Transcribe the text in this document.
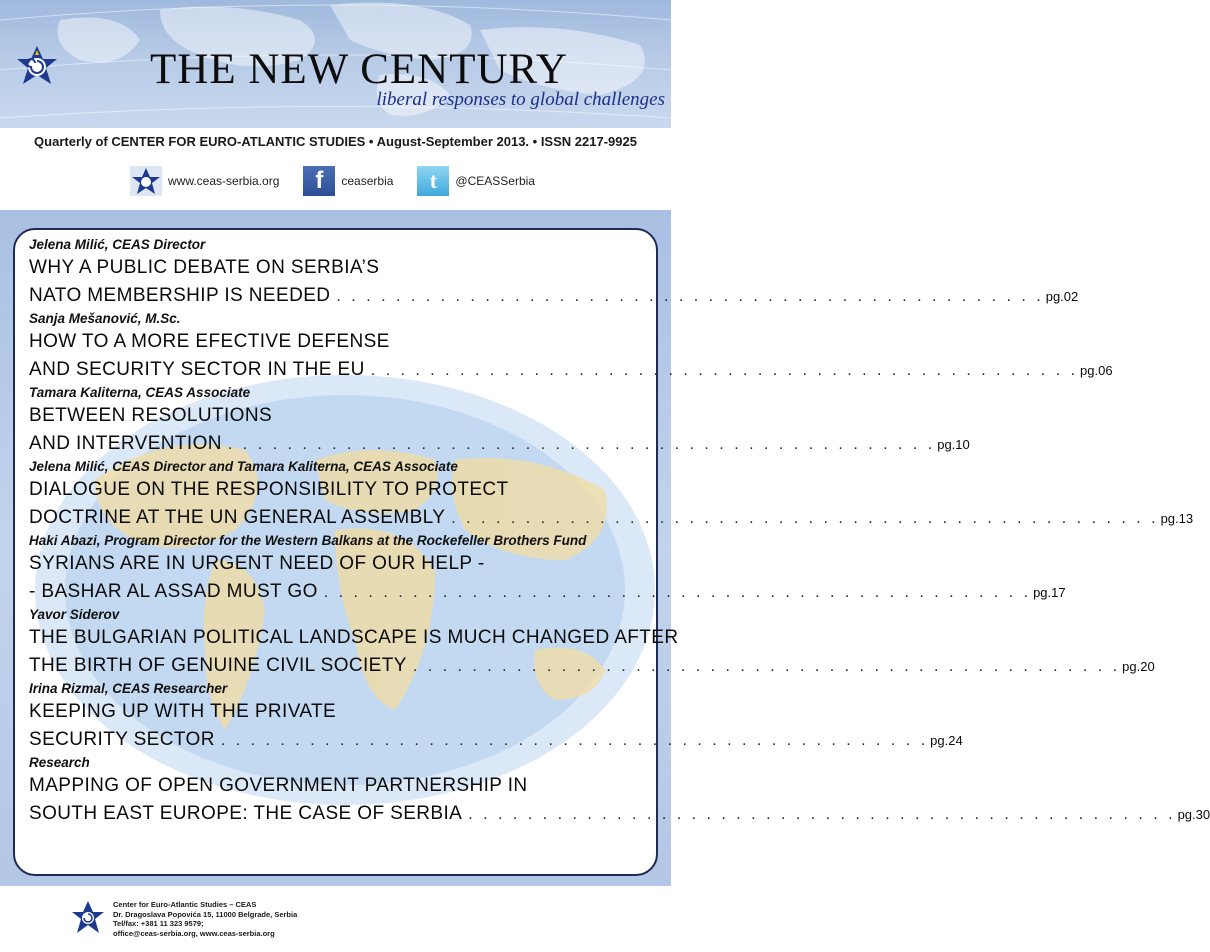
THE NEW CENTURY
liberal responses to global challenges
Quarterly of CENTER FOR EURO-ATLANTIC STUDIES • August-September 2013. • ISSN 2217-9925
www.ceas-serbia.org	f	ceaserbia	t	@CEASSerbia
Jelena Milić, CEAS Director
WHY A PUBLIC DEBATE ON SERBIA’S
NATO MEMBERSHIP IS NEEDED . . . . . . . . . . . . . . . . . . . . . . . . . . . . . . . . . . . . . . . . . . . . . . . . pg.02
Sanja Mešanović, M.Sc.
HOW TO A MORE EFECTIVE DEFENSE
AND SECURITY SECTOR IN THE EU . . . . . . . . . . . . . . . . . . . . . . . . . . . . . . . . . . . . . . . . . . . . . . . . pg.06
Tamara Kaliterna, CEAS Associate
BETWEEN RESOLUTIONS
AND INTERVENTION . . . . . . . . . . . . . . . . . . . . . . . . . . . . . . . . . . . . . . . . . . . . . . . . pg.10
Jelena Milić, CEAS Director and Tamara Kaliterna, CEAS Associate
DIALOGUE ON THE RESPONSIBILITY TO PROTECT
DOCTRINE AT THE UN GENERAL ASSEMBLY . . . . . . . . . . . . . . . . . . . . . . . . . . . . . . . . . . . . . . . . . . . . . . . . pg.13
Haki Abazi, Program Director for the Western Balkans at the Rockefeller Brothers Fund
SYRIANS ARE IN URGENT NEED OF OUR HELP -
- BASHAR AL ASSAD MUST GO . . . . . . . . . . . . . . . . . . . . . . . . . . . . . . . . . . . . . . . . . . . . . . . . pg.17
Yavor Siderov
THE BULGARIAN POLITICAL LANDSCAPE IS MUCH CHANGED AFTER
THE BIRTH OF GENUINE CIVIL SOCIETY . . . . . . . . . . . . . . . . . . . . . . . . . . . . . . . . . . . . . . . . . . . . . . . . pg.20
Irina Rizmal, CEAS Researcher
KEEPING UP WITH THE PRIVATE
SECURITY SECTOR . . . . . . . . . . . . . . . . . . . . . . . . . . . . . . . . . . . . . . . . . . . . . . . . pg.24
Research
MAPPING OF OPEN GOVERNMENT PARTNERSHIP IN
SOUTH EAST EUROPE: THE CASE OF SERBIA . . . . . . . . . . . . . . . . . . . . . . . . . . . . . . . . . . . . . . . . . . . . . . . . pg.30
Center for Euro-Atlantic Studies – CEAS
Dr. Dragoslava Popovića 15, 11000 Belgrade, Serbia
Tel/fax: +381 11 323 9579;
office@ceas-serbia.org, www.ceas-serbia.org
